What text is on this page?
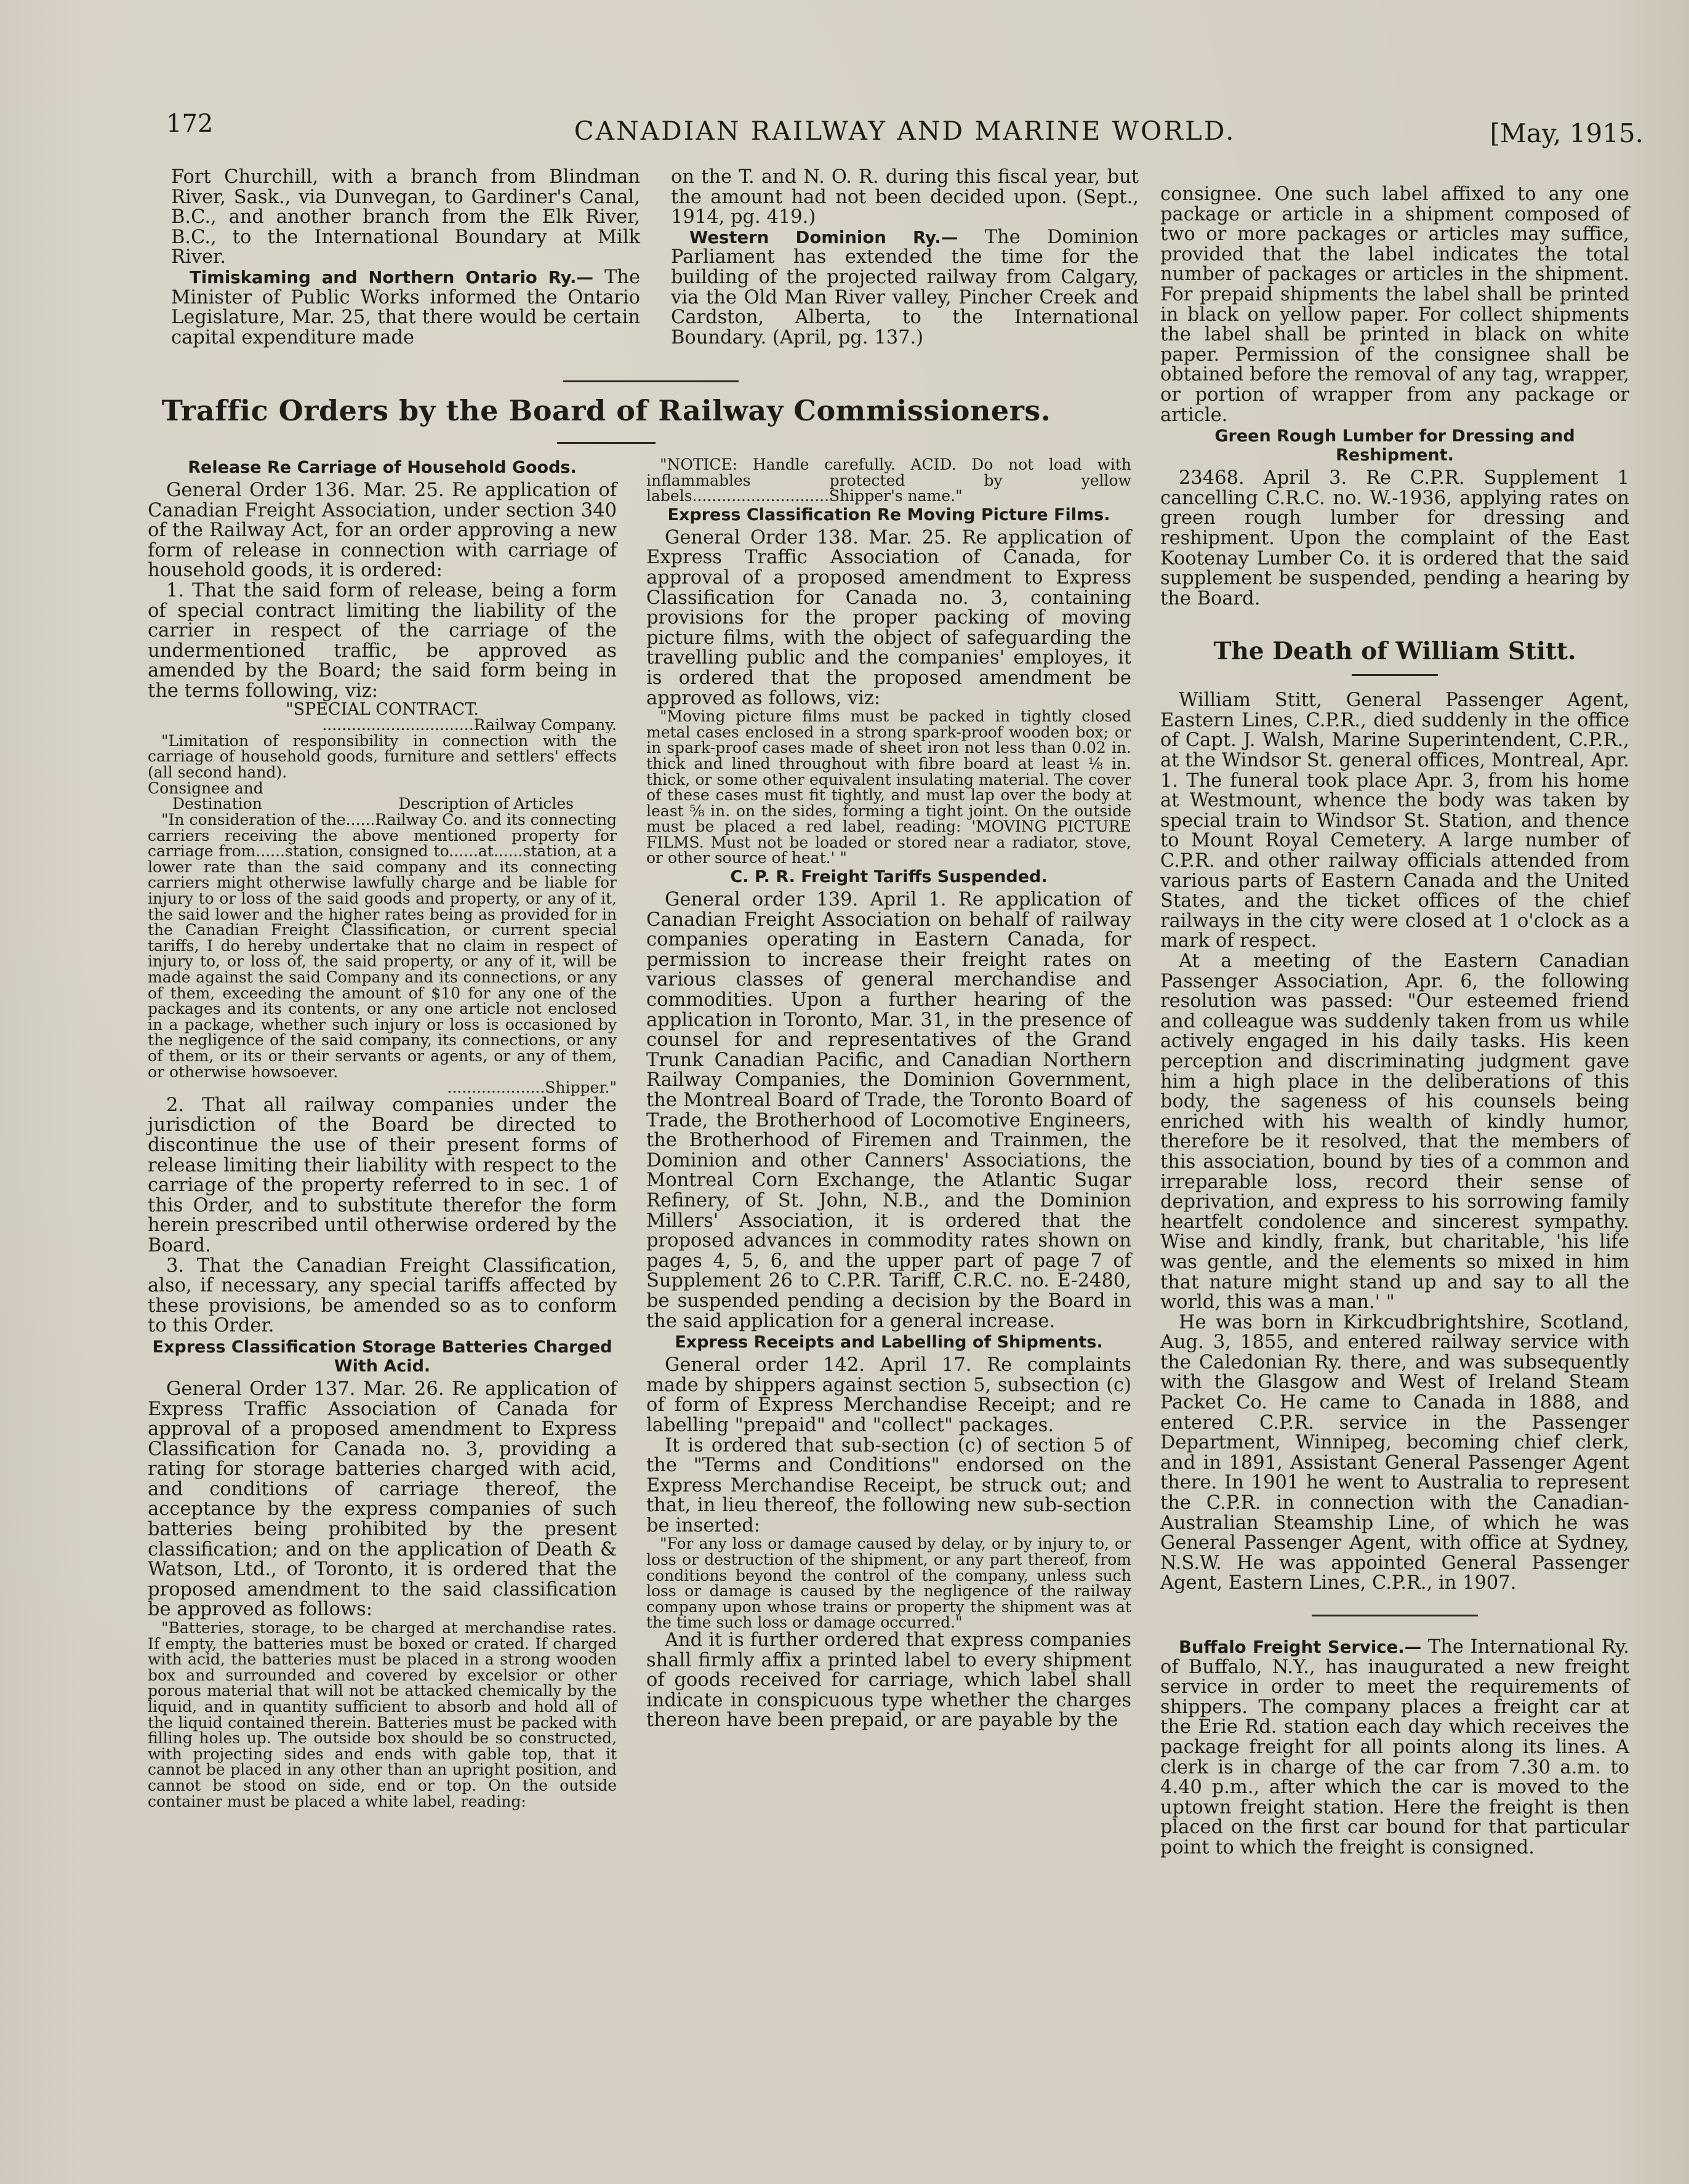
172	CANADIAN RAILWAY AND MARINE WORLD.	[May, 1915.

Fort Churchill, with a branch from Blindman River, Sask., via Dunvegan, to Gardiner's Canal, B.C., and another branch from the Elk River, B.C., to the International Boundary at Milk River.

Timiskaming and Northern Ontario Ry.— The Minister of Public Works informed the Ontario Legislature, Mar. 25, that there would be certain capital expenditure made

on the T. and N. O. R. during this fiscal year, but the amount had not been decided upon. (Sept., 1914, pg. 419.)

Western Dominion Ry.— The Dominion Parliament has extended the time for the building of the projected railway from Calgary, via the Old Man River valley, Pincher Creek and Cardston, Alberta, to the International Boundary. (April, pg. 137.)

Traffic Orders by the Board of Railway Commissioners.
Release Re Carriage of Household Goods.

General Order 136. Mar. 25. Re application of Canadian Freight Association, under section 340 of the Railway Act, for an order approving a new form of release in connection with carriage of household goods, it is ordered:

1. That the said form of release, being a form of special contract limiting the liability of the carrier in respect of the carriage of the undermentioned traffic, be approved as amended by the Board; the said form being in the terms following, viz:

"SPECIAL CONTRACT.

...............................Railway Company.

"Limitation of responsibility in connection with the carriage of household goods, furniture and settlers' effects (all second hand).

Consignee and
Destination	Description of Articles

"In consideration of the......Railway Co. and its connecting carriers receiving the above mentioned property for carriage from......station, consigned to......at......station, at a lower rate than the said company and its connecting carriers might otherwise lawfully charge and be liable for injury to or loss of the said goods and property, or any of it, the said lower and the higher rates being as provided for in the Canadian Freight Classification, or current special tariffs, I do hereby undertake that no claim in respect of injury to, or loss of, the said property, or any of it, will be made against the said Company and its connections, or any of them, exceeding the amount of $10 for any one of the packages and its contents, or any one article not enclosed in a package, whether such injury or loss is occasioned by the negligence of the said company, its connections, or any of them, or its or their servants or agents, or any of them, or otherwise howsoever.

....................Shipper."

2. That all railway companies under the jurisdiction of the Board be directed to discontinue the use of their present forms of release limiting their liability with respect to the carriage of the property referred to in sec. 1 of this Order, and to substitute therefor the form herein prescribed until otherwise ordered by the Board.

3. That the Canadian Freight Classification, also, if necessary, any special tariffs affected by these provisions, be amended so as to conform to this Order.

Express Classification Storage Batteries Charged With Acid.

General Order 137. Mar. 26. Re application of Express Traffic Association of Canada for approval of a proposed amendment to Express Classification for Canada no. 3, providing a rating for storage batteries charged with acid, and conditions of carriage thereof, the acceptance by the express companies of such batteries being prohibited by the present classification; and on the application of Death & Watson, Ltd., of Toronto, it is ordered that the proposed amendment to the said classification be approved as follows:

"Batteries, storage, to be charged at merchandise rates. If empty, the batteries must be boxed or crated. If charged with acid, the batteries must be placed in a strong wooden box and surrounded and covered by excelsior or other porous material that will not be attacked chemically by the liquid, and in quantity sufficient to absorb and hold all of the liquid contained therein. Batteries must be packed with filling holes up. The outside box should be so constructed, with projecting sides and ends with gable top, that it cannot be placed in any other than an upright position, and cannot be stood on side, end or top. On the outside container must be placed a white label, reading:

"NOTICE: Handle carefully. ACID. Do not load with inflammables protected by yellow labels............................Shipper's name."

Express Classification Re Moving Picture Films.

General Order 138. Mar. 25. Re application of Express Traffic Association of Canada, for approval of a proposed amendment to Express Classification for Canada no. 3, containing provisions for the proper packing of moving picture films, with the object of safeguarding the travelling public and the companies' employes, it is ordered that the proposed amendment be approved as follows, viz:

"Moving picture films must be packed in tightly closed metal cases enclosed in a strong spark-proof wooden box; or in spark-proof cases made of sheet iron not less than 0.02 in. thick and lined throughout with fibre board at least ⅛ in. thick, or some other equivalent insulating material. The cover of these cases must fit tightly, and must lap over the body at least ⅝ in. on the sides, forming a tight joint. On the outside must be placed a red label, reading: 'MOVING PICTURE FILMS. Must not be loaded or stored near a radiator, stove, or other source of heat.' "

C. P. R. Freight Tariffs Suspended.

General order 139. April 1. Re application of Canadian Freight Association on behalf of railway companies operating in Eastern Canada, for permission to increase their freight rates on various classes of general merchandise and commodities. Upon a further hearing of the application in Toronto, Mar. 31, in the presence of counsel for and representatives of the Grand Trunk Canadian Pacific, and Canadian Northern Railway Companies, the Dominion Government, the Montreal Board of Trade, the Toronto Board of Trade, the Brotherhood of Locomotive Engineers, the Brotherhood of Firemen and Trainmen, the Dominion and other Canners' Associations, the Montreal Corn Exchange, the Atlantic Sugar Refinery, of St. John, N.B., and the Dominion Millers' Association, it is ordered that the proposed advances in commodity rates shown on pages 4, 5, 6, and the upper part of page 7 of Supplement 26 to C.P.R. Tariff, C.R.C. no. E-2480, be suspended pending a decision by the Board in the said application for a general increase.

Express Receipts and Labelling of Shipments.

General order 142. April 17. Re complaints made by shippers against section 5, subsection (c) of form of Express Merchandise Receipt; and re labelling "prepaid" and "collect" packages.

It is ordered that sub-section (c) of section 5 of the "Terms and Conditions" endorsed on the Express Merchandise Receipt, be struck out; and that, in lieu thereof, the following new sub-section be inserted:

"For any loss or damage caused by delay, or by injury to, or loss or destruction of the shipment, or any part thereof, from conditions beyond the control of the company, unless such loss or damage is caused by the negligence of the railway company upon whose trains or property the shipment was at the time such loss or damage occurred."

And it is further ordered that express companies shall firmly affix a printed label to every shipment of goods received for carriage, which label shall indicate in conspicuous type whether the charges thereon have been prepaid, or are payable by the

consignee. One such label affixed to any one package or article in a shipment composed of two or more packages or articles may suffice, provided that the label indicates the total number of packages or articles in the shipment. For prepaid shipments the label shall be printed in black on yellow paper. For collect shipments the label shall be printed in black on white paper. Permission of the consignee shall be obtained before the removal of any tag, wrapper, or portion of wrapper from any package or article.

Green Rough Lumber for Dressing and Reshipment.

23468. April 3. Re C.P.R. Supplement 1 cancelling C.R.C. no. W.-1936, applying rates on green rough lumber for dressing and reshipment. Upon the complaint of the East Kootenay Lumber Co. it is ordered that the said supplement be suspended, pending a hearing by the Board.

The Death of William Stitt.

William Stitt, General Passenger Agent, Eastern Lines, C.P.R., died suddenly in the office of Capt. J. Walsh, Marine Superintendent, C.P.R., at the Windsor St. general offices, Montreal, Apr. 1. The funeral took place Apr. 3, from his home at Westmount, whence the body was taken by special train to Windsor St. Station, and thence to Mount Royal Cemetery. A large number of C.P.R. and other railway officials attended from various parts of Eastern Canada and the United States, and the ticket offices of the chief railways in the city were closed at 1 o'clock as a mark of respect.

At a meeting of the Eastern Canadian Passenger Association, Apr. 6, the following resolution was passed: "Our esteemed friend and colleague was suddenly taken from us while actively engaged in his daily tasks. His keen perception and discriminating judgment gave him a high place in the deliberations of this body, the sageness of his counsels being enriched with his wealth of kindly humor, therefore be it resolved, that the members of this association, bound by ties of a common and irreparable loss, record their sense of deprivation, and express to his sorrowing family heartfelt condolence and sincerest sympathy. Wise and kindly, frank, but charitable, 'his life was gentle, and the elements so mixed in him that nature might stand up and say to all the world, this was a man.' "

He was born in Kirkcudbrightshire, Scotland, Aug. 3, 1855, and entered railway service with the Caledonian Ry. there, and was subsequently with the Glasgow and West of Ireland Steam Packet Co. He came to Canada in 1888, and entered C.P.R. service in the Passenger Department, Winnipeg, becoming chief clerk, and in 1891, Assistant General Passenger Agent there. In 1901 he went to Australia to represent the C.P.R. in connection with the Canadian-Australian Steamship Line, of which he was General Passenger Agent, with office at Sydney, N.S.W. He was appointed General Passenger Agent, Eastern Lines, C.P.R., in 1907.

Buffalo Freight Service.— The International Ry. of Buffalo, N.Y., has inaugurated a new freight service in order to meet the requirements of shippers. The company places a freight car at the Erie Rd. station each day which receives the package freight for all points along its lines. A clerk is in charge of the car from 7.30 a.m. to 4.40 p.m., after which the car is moved to the uptown freight station. Here the freight is then placed on the first car bound for that particular point to which the freight is consigned.
